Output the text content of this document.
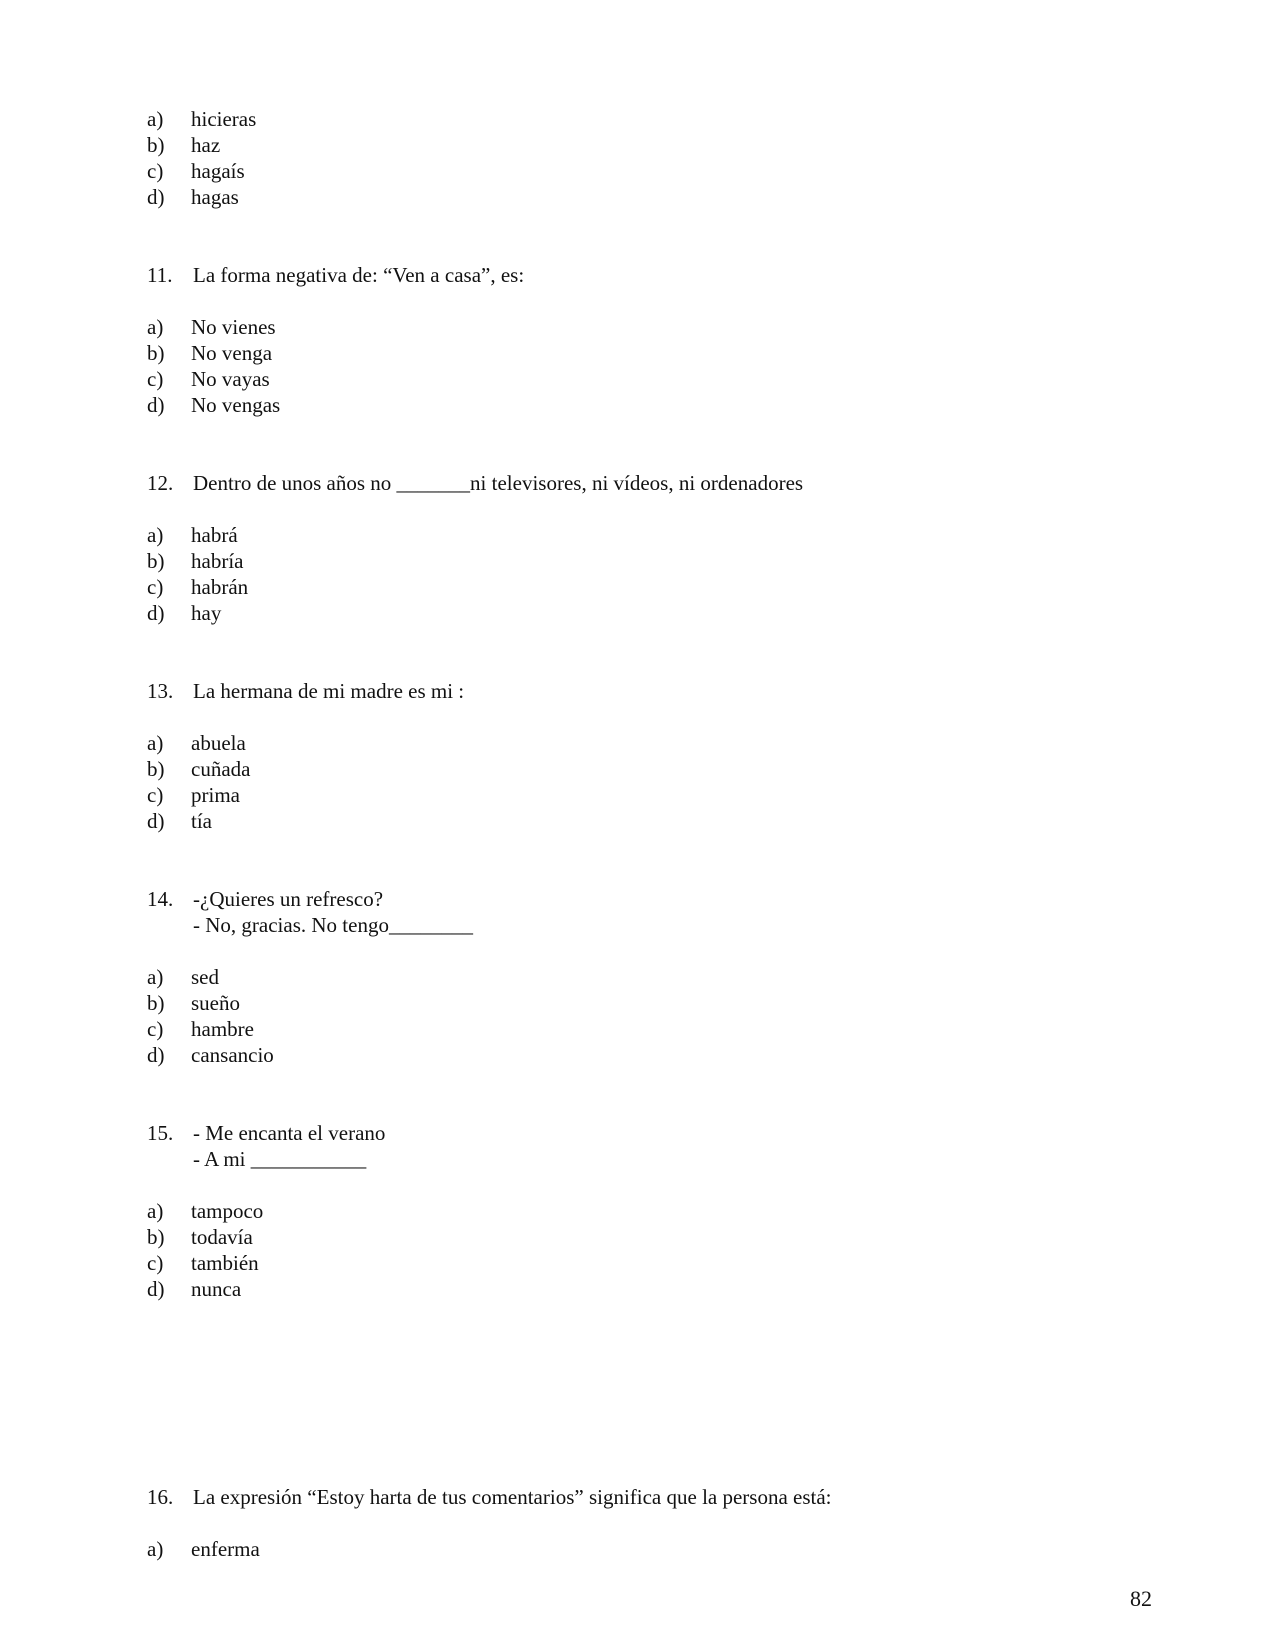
a) hicieras
b) haz
c) hagaís
d) hagas
11. La forma negativa de: “Ven a casa”, es:
a) No vienes
b) No venga
c) No vayas
d) No vengas
12. Dentro de unos años no _______ni televisores, ni vídeos, ni ordenadores
a) habrá
b) habría
c) habrán
d) hay
13. La hermana de mi madre es mi :
a) abuela
b) cuñada
c) prima
d) tía
14. -¿Quieres un refresco?
- No, gracias. No tengo________
a) sed
b) sueño
c) hambre
d) cansancio
15. - Me encanta el verano
- A mi ___________
a) tampoco
b) todavía
c) también
d) nunca
16. La expresión “Estoy harta de tus comentarios” significa que la persona está:
a) enferma
82
